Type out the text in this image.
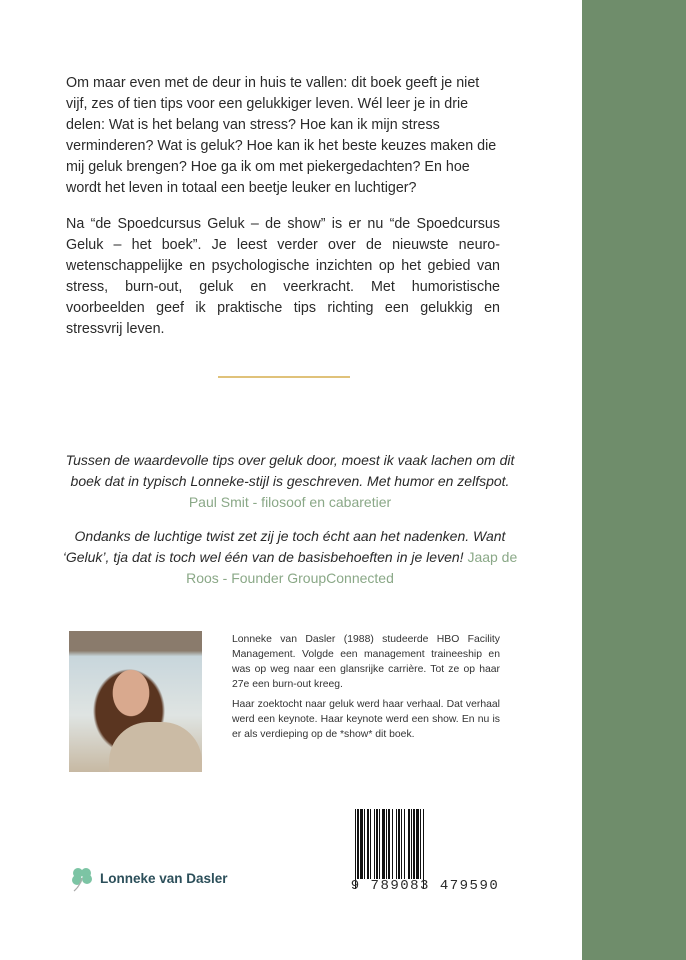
Om maar even met de deur in huis te vallen: dit boek geeft je niet vijf, zes of tien tips voor een gelukkiger leven. Wél leer je in drie delen: Wat is het belang van stress? Hoe kan ik mijn stress verminderen? Wat is geluk? Hoe kan ik het beste keuzes maken die mij geluk brengen? Hoe ga ik om met piekergedachten? En hoe wordt het leven in totaal een beetje leuker en luchtiger?

Na “de Spoedcursus Geluk – de show” is er nu “de Spoedcursus Geluk – het boek”. Je leest verder over de nieuwste neuro-wetenschappelijke en psychologische inzichten op het gebied van stress, burn-out, geluk en veerkracht. Met humoristische voorbeelden geef ik praktische tips richting een gelukkig en stressvrij leven.

Tussen de waardevolle tips over geluk door, moest ik vaak lachen om dit boek dat in typisch Lonneke-stijl is geschreven. Met humor en zelfspot. Paul Smit - filosoof en cabaretier

Ondanks de luchtige twist zet zij je toch écht aan het nadenken. Want ‘Geluk’, tja dat is toch wel één van de basisbehoeften in je leven! Jaap de Roos - Founder GroupConnected

Lonneke van Dasler (1988) studeerde HBO Facility Management. Volgde een management traineeship en was op weg naar een glansrijke carrière. Tot ze op haar 27e een burn-out kreeg.

Haar zoektocht naar geluk werd haar verhaal. Dat verhaal werd een keynote. Haar keynote werd een show. En nu is er als verdieping op de *show* dit boek.

Lonneke van Dasler	9 789083 479590
